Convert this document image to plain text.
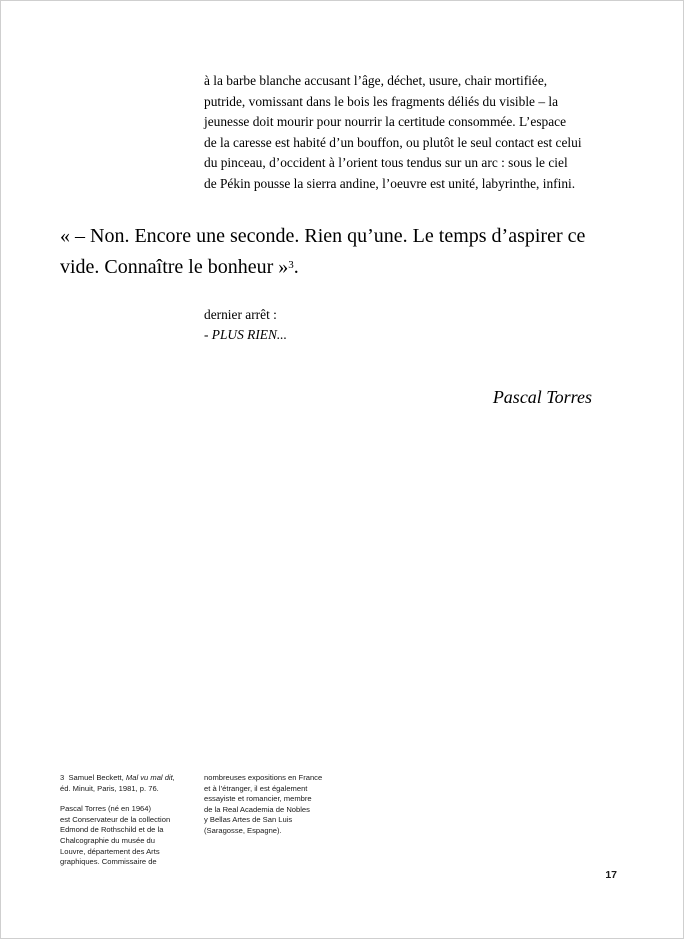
à la barbe blanche accusant l’âge, déchet, usure, chair mortifiée,
putride, vomissant dans le bois les fragments déliés du visible – la
jeunesse doit mourir pour nourrir la certitude consommée. L’espace
de la caresse est habité d’un bouffon, ou plutôt le seul contact est celui
du pinceau, d’occident à l’orient tous tendus sur un arc : sous le ciel
de Pékin pousse la sierra andine, l’oeuvre est unité, labyrinthe, infini.

« – Non. Encore une seconde. Rien qu’une. Le temps d’aspirer ce
vide. Connaître le bonheur »$^3$.

dernier arrêt :
- PLUS RIEN...
Pascal Torres
3 Samuel Beckett, Mal vu mal dit,
éd. Minuit, Paris, 1981, p. 76.
Pascal Torres (né en 1964)
est Conservateur de la collection
Edmond de Rothschild et de la
Chalcographie du musée du
Louvre, département des Arts
graphiques. Commissaire de
nombreuses expositions en France
et à l’étranger, il est également
essayiste et romancier, membre
de la Real Academia de Nobles
y Bellas Artes de San Luis
(Saragosse, Espagne).
17
